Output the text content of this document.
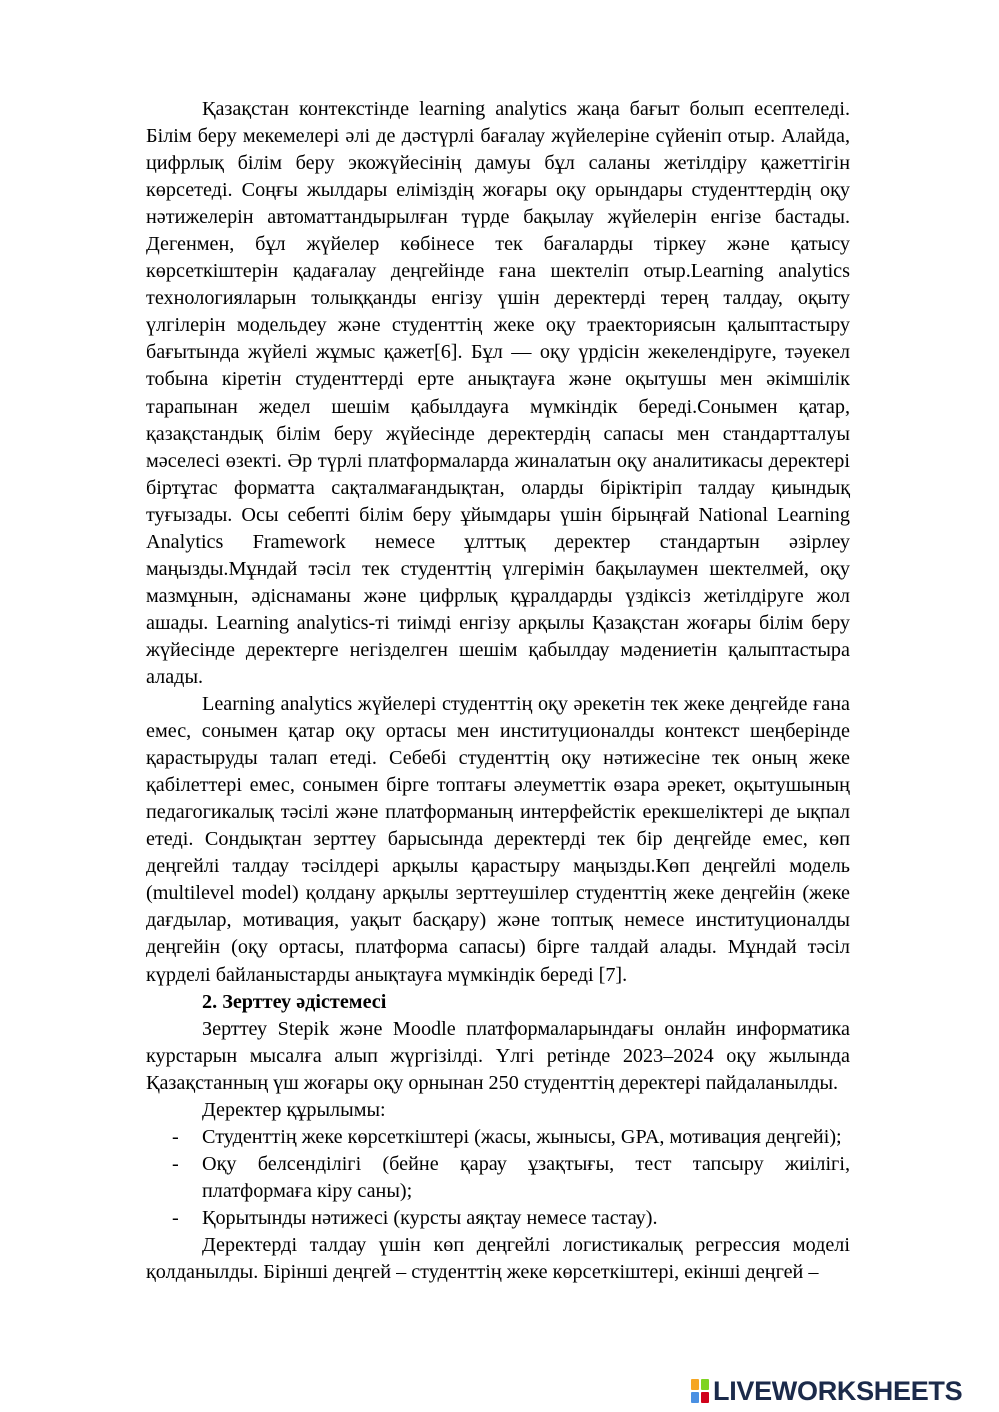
Қазақстан контекстінде learning analytics жаңа бағыт болып есептеледі. Білім беру мекемелері әлі де дәстүрлі бағалау жүйелеріне сүйеніп отыр. Алайда, цифрлық білім беру экожүйесінің дамуы бұл саланы жетілдіру қажеттігін көрсетеді. Соңғы жылдары еліміздің жоғары оқу орындары студенттердің оқу нәтижелерін автоматтандырылған түрде бақылау жүйелерін енгізе бастады. Дегенмен, бұл жүйелер көбінесе тек бағаларды тіркеу және қатысу көрсеткіштерін қадағалау деңгейінде ғана шектеліп отыр.Learning analytics технологияларын толыққанды енгізу үшін деректерді терең талдау, оқыту үлгілерін модельдеу және студенттің жеке оқу траекториясын қалыптастыру бағытында жүйелі жұмыс қажет[6]. Бұл — оқу үрдісін жекелендіруге, тәуекел тобына кіретін студенттерді ерте анықтауға және оқытушы мен әкімшілік тарапынан жедел шешім қабылдауға мүмкіндік береді.Сонымен қатар, қазақстандық білім беру жүйесінде деректердің сапасы мен стандарттaлуы мәселесі өзекті. Әр түрлі платформаларда жиналатын оқу аналитикасы деректері біртұтас форматта сақталмағандықтан, оларды біріктіріп талдау қиындық туғызады. Осы себепті білім беру ұйымдары үшін бірыңғай National Learning Analytics Framework немесе ұлттық деректер стандартын әзірлеу маңызды.Мұндай тәсіл тек студенттің үлгерімін бақылаумен шектелмей, оқу мазмұнын, әдіснаманы және цифрлық құралдарды үздіксіз жетілдіруге жол ашады. Learning analytics-ті тиімді енгізу арқылы Қазақстан жоғары білім беру жүйесінде деректерге негізделген шешім қабылдау мәдениетін қалыптастыра алады.

Learning analytics жүйелері студенттің оқу әрекетін тек жеке деңгейде ғана емес, сонымен қатар оқу ортасы мен институционалды контекст шеңберінде қарастыруды талап етеді. Себебі студенттің оқу нәтижесіне тек оның жеке қабілеттері емес, сонымен бірге топтағы әлеуметтік өзара әрекет, оқытушының педагогикалық тәсілі және платформаның интерфейстік ерекшеліктері де ықпал етеді. Сондықтан зерттеу барысында деректерді тек бір деңгейде емес, көп деңгейлі талдау тәсілдері арқылы қарастыру маңызды.Көп деңгейлі модель (multilevel model) қолдану арқылы зерттеушілер студенттің жеке деңгейін (жеке дағдылар, мотивация, уақыт басқару) және топтық немесе институционалды деңгейін (оқу ортасы, платформа сапасы) бірге талдай алады. Мұндай тәсіл күрделі байланыстарды анықтауға мүмкіндік береді [7].

2. Зерттеу әдістемесі

Зерттеу Stepik және Moodle платформаларындағы онлайн информатика курстарын мысалға алып жүргізілді. Үлгі ретінде 2023–2024 оқу жылында Қазақстанның үш жоғары оқу орнынан 250 студенттің деректері пайдаланылды.

Деректер құрылымы:

- Студенттің жеке көрсеткіштері (жасы, жынысы, GPA, мотивация деңгейі);
- Оқу белсенділігі (бейне қарау ұзақтығы, тест тапсыру жиілігі, платформаға кіру саны);
- Қорытынды нәтижесі (курсты аяқтау немесе тастау).

Деректерді талдау үшін көп деңгейлі логистикалық регрессия моделі қолданылды. Бірінші деңгей – студенттің жеке көрсеткіштері, екінші деңгей –

LIVEWORKSHEETS
